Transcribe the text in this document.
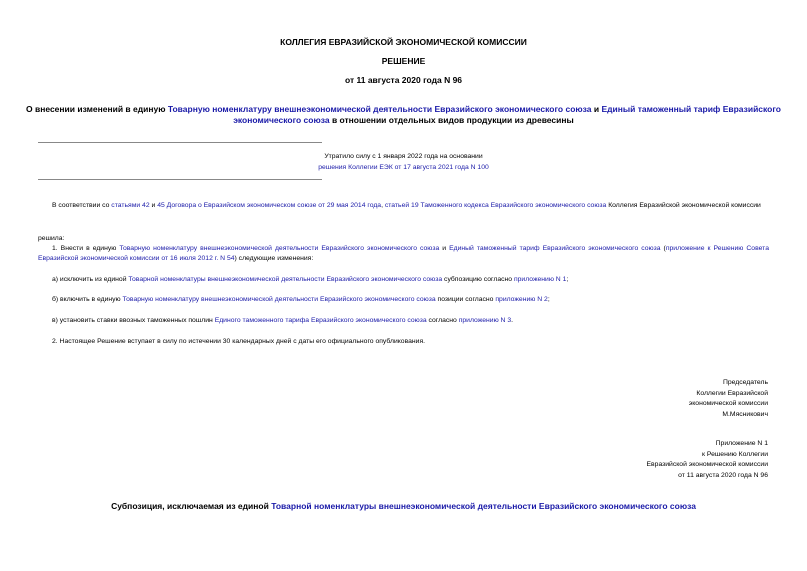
КОЛЛЕГИЯ ЕВРАЗИЙСКОЙ ЭКОНОМИЧЕСКОЙ КОМИССИИ
РЕШЕНИЕ
от 11 августа 2020 года N 96
О внесении изменений в единую Товарную номенклатуру внешнеэкономической деятельности Евразийского экономического союза и Единый таможенный тариф Евразийского экономического союза в отношении отдельных видов продукции из древесины
Утратило силу с 1 января 2022 года на основании
решения Коллегии ЕЭК от 17 августа 2021 года N 100
В соответствии со статьями 42 и 45 Договора о Евразийском экономическом союзе от 29 мая 2014 года, статьей 19 Таможенного кодекса Евразийского экономического союза Коллегия Евразийской экономической комиссии
решила:
1. Внести в единую Товарную номенклатуру внешнеэкономической деятельности Евразийского экономического союза и Единый таможенный тариф Евразийского экономического союза (приложение к Решению Совета Евразийской экономической комиссии от 16 июля 2012 г. N 54) следующие изменения:
а) исключить из единой Товарной номенклатуры внешнеэкономической деятельности Евразийского экономического союза субпозицию согласно приложению N 1;
б) включить в единую Товарную номенклатуру внешнеэкономической деятельности Евразийского экономического союза позиции согласно приложению N 2;
в) установить ставки ввозных таможенных пошлин Единого таможенного тарифа Евразийского экономического союза согласно приложению N 3.
2. Настоящее Решение вступает в силу по истечении 30 календарных дней с даты его официального опубликования.
Председатель
Коллегии Евразийской
экономической комиссии
М.Мясникович
Приложение N 1
к Решению Коллегии
Евразийской экономической комиссии
от 11 августа 2020 года N 96
Субпозиция, исключаемая из единой Товарной номенклатуры внешнеэкономической деятельности Евразийского экономического союза
